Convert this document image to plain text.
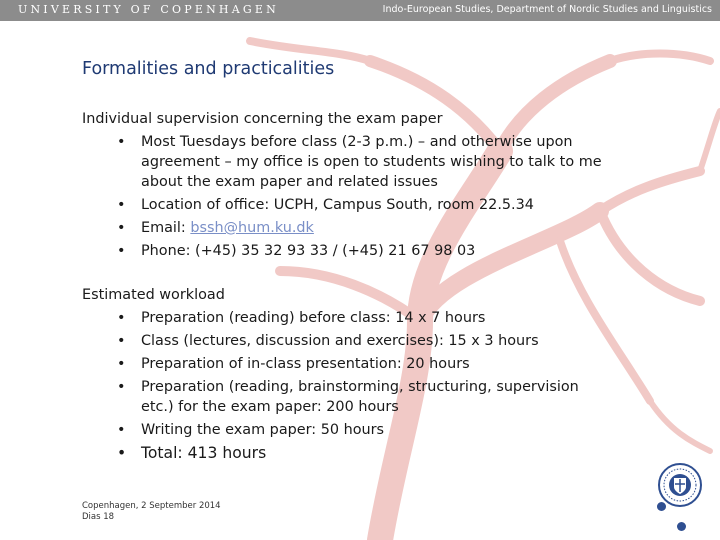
UNIVERSITY OF COPENHAGEN	Indo-European Studies, Department of Nordic Studies and Linguistics
Formalities and practicalities
Individual supervision concerning the exam paper
• Most Tuesdays before class (2-3 p.m.) – and otherwise upon agreement – my office is open to students wishing to talk to me about the exam paper and related issues
• Location of office: UCPH, Campus South, room 22.5.34
• Email: bssh@hum.ku.dk
• Phone: (+45) 35 32 93 33 / (+45) 21 67 98 03
Estimated workload
• Preparation (reading) before class: 14 x 7 hours
• Class (lectures, discussion and exercises): 15 x 3 hours
• Preparation of in-class presentation: 20 hours
• Preparation (reading, brainstorming, structuring, supervision etc.) for the exam paper: 200 hours
• Writing the exam paper: 50 hours
• Total: 413 hours
Copenhagen, 2 September 2014
Dias 18
